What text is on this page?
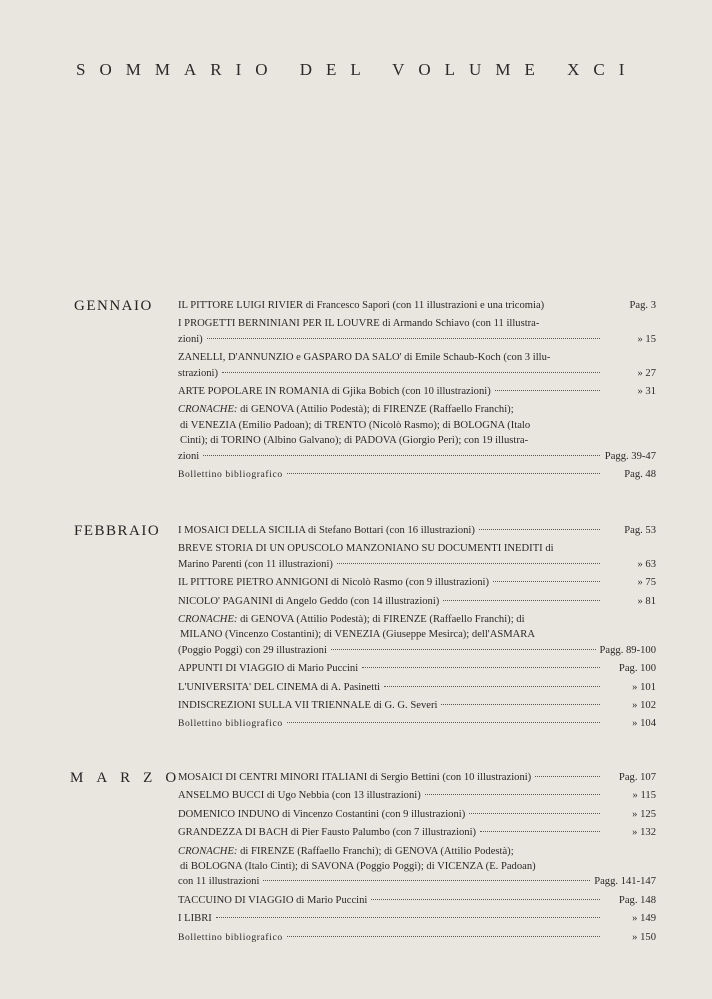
SOMMARIO DEL VOLUME XCI
GENNAIO IL PITTORE LUIGI RIVIER di Francesco Sapori (con 11 illustrazioni e una tricomia)	Pag. 3
I PROGETTI BERNINIANI PER IL LOUVRE di Armando Schiavo (con 11 illustra-
zioni)	» 15
ZANELLI, D'ANNUNZIO e GASPARO DA SALO' di Emile Schaub-Koch (con 3 illu-
strazioni)	» 27
ARTE POPOLARE IN ROMANIA di Gjika Bobich (con 10 illustrazioni)	» 31
CRONACHE: di GENOVA (Attilio Podestà); di FIRENZE (Raffaello Franchi);
di VENEZIA (Emilio Padoan); di TRENTO (Nicolò Rasmo); di BOLOGNA (Italo
Cinti); di TORINO (Albino Galvano); di PADOVA (Giorgio Peri); con 19 illustra-
zioni	Pagg. 39-47
Bollettino bibliografico	Pag. 48
FEBBRAIO I MOSAICI DELLA SICILIA di Stefano Bottari (con 16 illustrazioni)	Pag. 53
BREVE STORIA DI UN OPUSCOLO MANZONIANO SU DOCUMENTI INEDITI di
Marino Parenti (con 11 illustrazioni)	» 63
IL PITTORE PIETRO ANNIGONI di Nicolò Rasmo (con 9 illustrazioni)	» 75
NICOLO' PAGANINI di Angelo Geddo (con 14 illustrazioni)	» 81
CRONACHE: di GENOVA (Attilio Podestà); di FIRENZE (Raffaello Franchi); di
MILANO (Vincenzo Costantini); di VENEZIA (Giuseppe Mesirca); dell'ASMARA
(Poggio Poggi) con 29 illustrazioni	Pagg. 89-100
APPUNTI DI VIAGGIO di Mario Puccini	Pag. 100
L'UNIVERSITA' DEL CINEMA di A. Pasinetti	» 101
INDISCREZIONI SULLA VII TRIENNALE di G. G. Severi	» 102
Bollettino bibliografico	» 104
MARZO
MOSAICI DI CENTRI MINORI ITALIANI di Sergio Bettini (con 10 illustrazioni)	Pag. 107
ANSELMO BUCCI di Ugo Nebbia (con 13 illustrazioni)	» 115
DOMENICO INDUNO di Vincenzo Costantini (con 9 illustrazioni)	» 125
GRANDEZZA DI BACH di Pier Fausto Palumbo (con 7 illustrazioni)	» 132
CRONACHE: di FIRENZE (Raffaello Franchi); di GENOVA (Attilio Podestà);
di BOLOGNA (Italo Cinti); di SAVONA (Poggio Poggi); di VICENZA (E. Padoan)
con 11 illustrazioni	Pagg. 141-147
TACCUINO DI VIAGGIO di Mario Puccini	Pag. 148
I LIBRI	» 149
Bollettino bibliografico	» 150
